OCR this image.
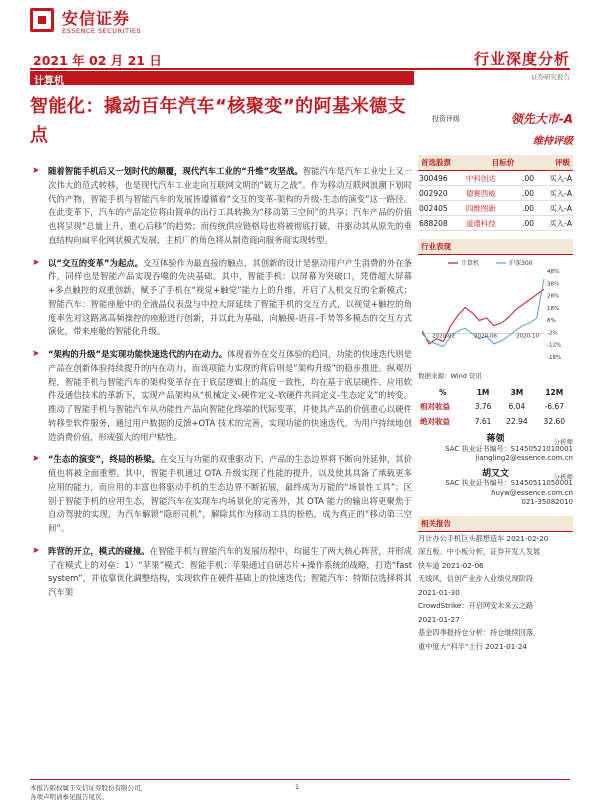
安信证券
ESSENCE SECURITIES
2021 年 02 月 21 日	行业深度分析
证券研究报告
计算机
智能化：撬动百年汽车“核聚变”的阿基米德支点
➤ 随着智能手机后又一划时代的颠覆，现代汽车工业的“升维”攻坚战。智能汽车是汽车工业史上又一次伟大的范式转移，也是现代汽车工业走向互联网文明的“破万之战”。作为移动互联网浪潮下划时代的产物，智能手机与智能汽车的发展皆遵循着“交互的变革-架构的升级-生态的演变”这一路径。在此变革下，汽车的产品定位将由简单的出行工具转换为“移动第三空间”的共享；汽车产品的价值也将呈现“总量上升，重心后移”的趋势；而传统供应链格局也将被彻底打破，并驱动其从原先的垂直结构向扁平化网状模式发展，主机厂的角色将从制造商向服务商实现转型。
➤ 以“交互的变革”为起点。交互体验作为最直接的触点，其创新的设计是驱动用户产生消费的外在条件，同样也是智能产品实现吞噬的先决基础。其中，智能手机：以屏幕为突破口，凭借超大屏幕+多点触控的双重创新，赋予了手机在“视觉+触觉”能力上的升维，开启了人机交互的全新模式；智能汽车：智能座舱中的全液晶仪表盘与中控大屏延续了智能手机的交互方式，以视觉+触控的角度率先对这路离高频操控的座舱进行创新，并以此为基础，向触摸-语音-手势等多模态的交互方式演化，带来座舱的智能化升级。
➤ “架构的升级”是实现功能快速迭代的内在动力。体现着外在交互体验的趋同，功能的快速迭代则是产品在创新体验持续提升的内在动力，而该项能力实现的背后则是“架构升级”的稳步推进。纵观历程，智能手机与智能汽车的架构变革存在于底层逻辑上的高度一致性，均在基于底层硬件、应用软件及通信技术的革新下，实现产品架构从“机械定义-硬件定义-软硬件共同定义-生态定义”的转变。推动了智能手机与智能汽车从功能性产品向智能化终端的代际变革，并使其产品的价值重心以硬件转移至软件服务，通过用户数据的反馈+OTA 技术的完善，实现功能的快速迭代，为用户持续地创造消费价值，形成强大的用户粘性。
➤ “生态的演变”，终局的桥梁。在交互与功能的双重驱动下，产品的生态边界将不断向外延伸，其价值也将被全面重塑。其中，智能手机通过 OTA 升级实现了性能的提升，以及使其具备了承载更多应用的能力，而应用的丰富也将驱动手机的生态边界不断拓展，最终成为万能的“场景性工具”；区别于智能手机的应用生态，智能汽车在实现车内场景化的完善外，其 OTA 能力的输出将更聚焦于自动驾驶的实现，为汽车解锁“隐形司机”，解除其作为移动工具的桎梏，成为真正的“移动第三空间”。
➤ 阵营的开立，模式的碰撞。在智能手机与智能汽车的发展历程中，均诞生了两大核心阵营，并形成了在模式上的对垒：1）“苹果”模式：智能手机：苹果通过自研芯片+操作系统的战略，打造“fast system”，并依靠优化调整结构，实现软件在硬件基础上的快速迭代；智能汽车：特斯拉选择将其汽车架
投资评级	领先大市-A
维持评级
首选股票	目标价	评级
300496	中科创达	.00	买入-A
002920	德赛西威	.00	买入-A
002405	四维图新	.00	买入-A
688208	道通科技	.00	买入-A
行业表现
48%
38%
28%
18%
8%
-2%
-12%
-18%
2020-02	2020-06	2020-10
计算机	沪深300
数据来源：Wind 资讯
%	1M	3M	12M
相对收益	3.76	6.04	-6.67
绝对收益	7.61	22.94	32.60
蒋领	分析师
SAC 执业证书编号：S1450521010001
jiangling2@essence.com.cn
胡又文	分析师
SAC 执业证书编号：S1450511050001
huyw@essence.com.cn
021-35082010
相关报告
月计办公手机巨头都想造车 2021-02-20
深五板、中小板分析，证券开发人发展
快车道 2021-02-06
无线风，信创产业步入业绩兑现阶段
2021-01-30
CrowdStrike：开启网安未来云之路
2021-01-27
基金四季报持仓分析：持仓继续回落，
重中度大“科半”上行 2021-01-24
本报告版权属于安信证券股份有限公司，
各项声明请参见报告尾页。
1
